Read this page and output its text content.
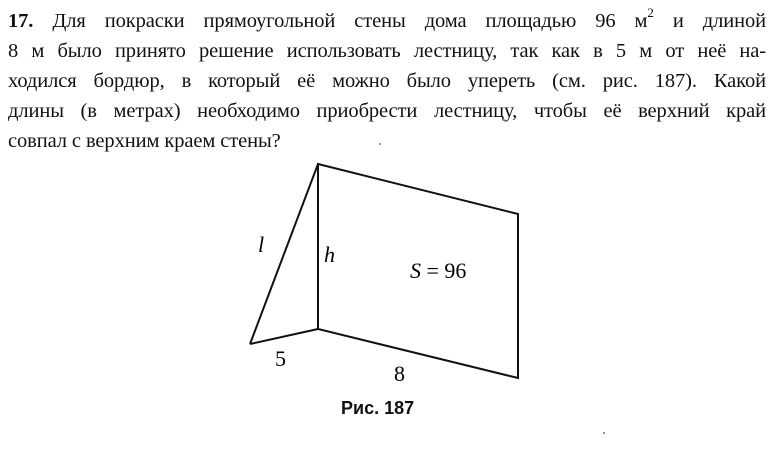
17. Для покраски прямоугольной стены дома площадью 96 $м^2$ и длиной
8 м было принято решение использовать лестницу, так как в 5 м от неё на-
ходился бордюр, в который её можно было упереть (см. рис. 187). Какой
длины (в метрах) необходимо приобрести лестницу, чтобы её верхний край
совпал с верхним краем стены?
l	h
S = 96
5
8
Рис. 187
